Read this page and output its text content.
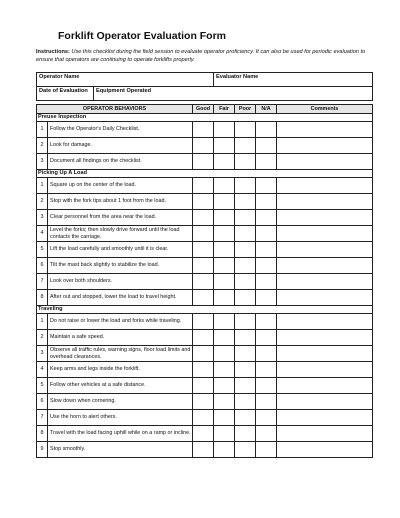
Forklift Operator Evaluation Form
Instructions: Use this checklist during the field session to evaluate operator proficiency. It can also be used for periodic evaluation to ensure that operators are continuing to operate forklifts properly.
Operator Name		Evaluator Name
Date of Evaluation	Equipment Operated	
OPERATOR BEHAVIORS		Good	Fair	Poor	N/A	Comments
Preuse Inspection						
1	Follow the Operator's Daily Checklist.					
2	Look for damage.					
3	Document all findings on the checklist.					
Picking Up A Load						
1	Square up on the center of the load.					
2	Stop with the fork tips about 1 foot from the load.					
3	Clear personnel from the area near the load.					
4	Level the forks; then slowly drive forward until the load contacts the carriage.					
5	Lift the load carefully and smoothly until it is clear.					
6	Tilt the mast back slightly to stabilize the load.					
7	Look over both shoulders.					
8	After out and stopped, lower the load to travel height.					
Traveling						
1	Do not raise or lower the load and forks while traveling.					
2	Maintain a safe speed.					
3	Observe all traffic rules, warning signs, floor load limits and overhead clearances.					
4	Keep arms and legs inside the forklift.					
5	Follow other vehicles at a safe distance.					
6	Slow down when cornering.					
7	Use the horn to alert others.					
8	Travel with the load facing uphill while on a ramp or incline.					
9	Stop smoothly.					
